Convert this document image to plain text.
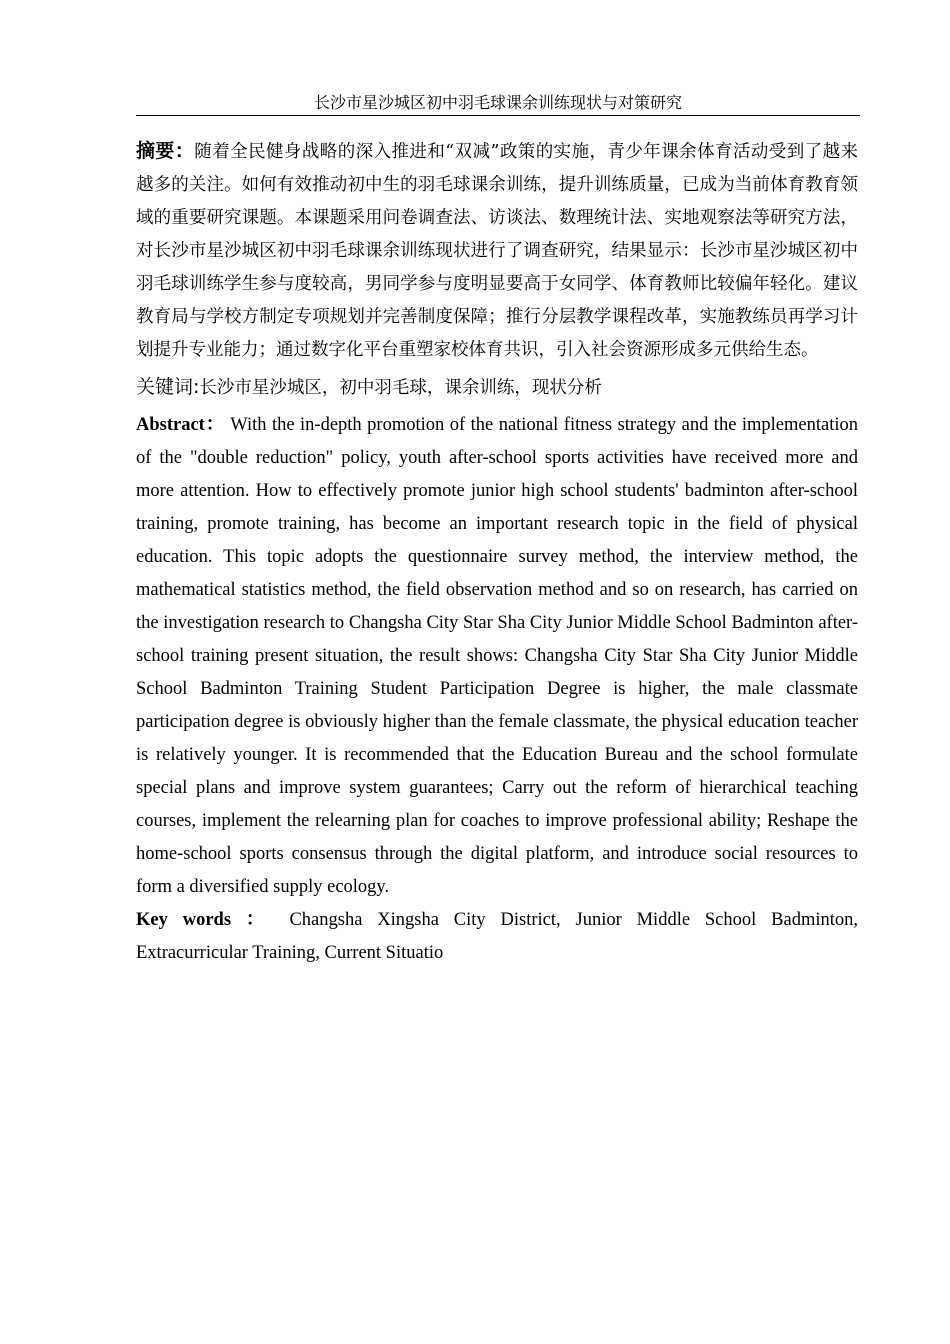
长沙市星沙城区初中羽毛球课余训练现状与对策研究

摘要：随着全民健身战略的深入推进和“双减”政策的实施，青少年课余体育活动受到了越来越多的关注。如何有效推动初中生的羽毛球课余训练，提升训练质量，已成为当前体育教育领域的重要研究课题。本课题采用问卷调查法、访谈法、数理统计法、实地观察法等研究方法，对长沙市星沙城区初中羽毛球课余训练现状进行了调查研究，结果显示：长沙市星沙城区初中羽毛球训练学生参与度较高，男同学参与度明显要高于女同学、体育教师比较偏年轻化。建议教育局与学校方制定专项规划并完善制度保障；推行分层教学课程改革，实施教练员再学习计划提升专业能力；通过数字化平台重塑家校体育共识，引入社会资源形成多元供给生态。

关键词:长沙市星沙城区，初中羽毛球，课余训练，现状分析

Abstract： With the in-depth promotion of the national fitness strategy and the implementation of the "double reduction" policy, youth after-school sports activities have received more and more attention. How to effectively promote junior high school students' badminton after-school training, promote training, has become an important research topic in the field of physical education. This topic adopts the questionnaire survey method, the interview method, the mathematical statistics method, the field observation method and so on research, has carried on the investigation research to Changsha City Star Sha City Junior Middle School Badminton after-school training present situation, the result shows: Changsha City Star Sha City Junior Middle School Badminton Training Student Participation Degree is higher, the male classmate participation degree is obviously higher than the female classmate, the physical education teacher is relatively younger. It is recommended that the Education Bureau and the school formulate special plans and improve system guarantees; Carry out the reform of hierarchical teaching courses, implement the relearning plan for coaches to improve professional ability; Reshape the home-school sports consensus through the digital platform, and introduce social resources to form a diversified supply ecology.

Key words ： Changsha Xingsha City District, Junior Middle School Badminton, Extracurricular Training, Current Situatio
